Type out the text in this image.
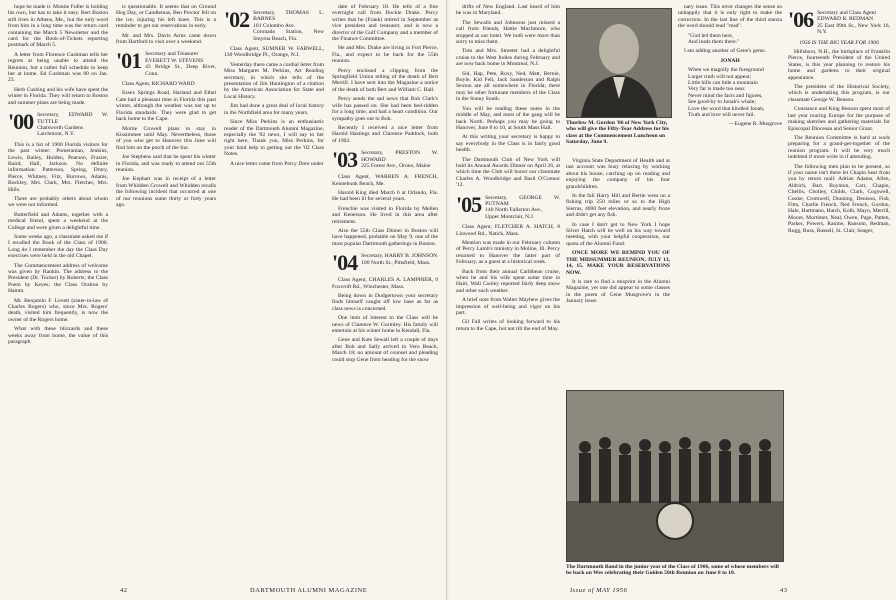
hope he made it. Montie Fuller is holding his own, but has to take it easy. Bert Boston still lives in Athens, Me., but the only word from him in a long time was the return card containing the March 5 Newsletter and the card for the Book-of-Tickets reporting postmark of March 5.

A letter from Florence Cushman tells her regrets at being unable to attend the Reunion, but a rather full schedule to keep her at home. Ed Cushman was 80 on Jan. 23.

Herb Cushing and his wife have spent the winter in Florida. They will return to Boston and summer plans are being made.

'00 Secretary, EDWARD W. TUTTLE
Chatsworth Gardens
Larchmont, N.Y.

This is a list of 1900 Florida visitors for the past winter: Pomeranian, Jenkins, Lewis, Bailey, Holden, Pearson, Frazier, Baird, Hall, Jackson. No definite information: Patterson, Spring, Drury, Pierce, Whitney, Fitz, Burrows, Adams, Bockley, Mrs. Clark, Mrs. Fletcher, Mrs. Hills.

There are probably others about whom we were not informed.

Butterfield and Adams, together with a medical friend, spent a weekend at the College and were given a delightful time.

Some weeks ago, a classmate asked me if I recalled the Book of the Class of 1900. Long do I remember the day the Class Day exercises were held in the old Chapel.

The Commencement address of welcome was given by Rankin. The address to the President (Dr. Tucker) by Roberts; the Class Poem by Keyes; the Class Oration by Hamm.

Mr. Benjamin F. Lovett (sister-in-law of Charles Rogers) who, since Mrs. Rogers' death, visited him frequently, is now the owner of the Rogers home.

What with these blizzards and these weeks away from home, the value of this paragraph

is questionable. It seems that on Ground Hog Day, or Candlemas, Ben Proctor fell on the ice, injuring his left knee. This is a reminder to get our reservations in early.

Mr. and Mrs. Davis Arms came down from Hartford to visit over a weekend.

'01 Secretary and Treasurer
EVERETT W. STEVENS
43 Bridge St., Deep River, Conn.

Class Agent, RICHARD WARD

Essex Springs Road, Harland and Ethel Cate had a pleasant time in Florida this past winter, although the weather was not up to Florida standards. They were glad to get back home to the Cape.

Mortie Crowell plans to stay in Kissimmee until May. Nevertheless, those of you who get to Hanover this June will find him on the porch of the Inn.

Joe Stephens said that he spent his winter in Florida, and was ready to attend our 55th reunion.

Joe Kephart was in receipt of a letter from Whidden Crowell and Whidden recalls the following incident that occurred at one of our reunions some thirty or forty years ago.

'02 Secretary, THOMAS L. BARNES
101 Colombo Ave.
Coronado Station, New Smyrna Beach, Fla.

Class Agent, SUMNER W. FARWELL, 130 Woodbridge Pl., Orange, N.J.

Yesterday there came a cordial letter from Miss Margaret M. Perkins, Art Reading secretary, in which she tells of the presentation of Jim Huntington of a citation by the American Association for State and Local History.

Jim had done a great deal of local history in the Northfield area for many years.

Since Miss Perkins is an enthusiastic reader of the Dartmouth Alumni Magazine, especially the '02 news, I will say to her right here, Thank you, Miss Perkins, for your kind help in getting out the '02 Class Notes.

A nice letter came from Percy Dore under

date of February 18. He tells of a fine overnight call from Dockie Drake. Percy writes that he (Frank) retired in September as vice president and treasurer, and is now a director of the Gulf Company and a member of the Finance Committee.

He and Mrs. Drake are living in Fort Pierce, Fla., and expect to be back for the 55th reunion.

Percy enclosed a clipping from the Springfield Union telling of the death of Bert Merrill. I have sent into the Magazine a notice of the death of both Bert and William C. Hall.

Percy sends the sad news that Bob Clark's wife has passed on. She had been bed-ridden for a long time, and had a heart condition. Our sympathy goes out to Bob.

Recently I received a nice letter from Harold Hastings and Clarence Paddock, both of 1902.

'03 Secretary, PRESTON W. HOWARD
225 Forest Ave., Orono, Maine

Class Agent, WARREN A. FRENCH, Kennebunk Beach, Me.

Harold King died March 6 at Orlando, Fla. He had been ill for several years.

Frenchie was visited in Florida by Mellen and Kenerson. He lived in this area after retirement.

Also the 55th Class Dinner in Boston will have happened, probable on May 9, one of the most popular Dartmouth gatherings in Boston.

'04 Secretary, HARRY B. JOHNSON
100 North St., Pittsfield, Mass.

Class Agent, CHARLES A. LAMPHIER, 9 Foxcroft Rd., Winchester, Mass.

Being down in Dodgertown your secretary finds himself caught off low base as far as class news is concerned.

One item of interest to the Class will be news of Clarence W. Gormley. His family will entertain at his winter home in Kendall, Fla.

Gene and Kate Sewall left a couple of days after Bob and Sally arrived in Vero Beach, March 18; no amount of counsel and pleading could stop Gene from heading for the snow

42	DARTMOUTH ALUMNI MAGAZINE

drifts of New England. Last heard of him he was in Maryland.

The Sewalls and Johnsons just missed a call from friends, Hattie Muchmore, who stopped at our hotel. We both were more than sorry to miss them.

Tom and Mrs. Streeter had a delightful cruise to the West Indies during February and are now back home in Montreal, N.J.

Sid, Hap, Pete, Roxy, Ned, Matt, Bernie, Boyle, Kid Fell, Jack Sanderson and Ralph Sexton are all somewhere in Florida; there may be other fortunate members of the Class in the Sunny South.

You will be reading these notes in the middle of May, and most of the gang will be back North. Perhaps you may be going to Hanover, June 8 to 10, at South Mass Hall.

At this writing your secretary is happy to say everybody in the Class is in fairly good health.

The Dartmouth Club of New York will hold its Annual Awards Dinner on April 26, at which time the Club will honor our classmate Charles A. Woodbridge and Basil O'Connor '12.

'05 Secretary, GEORGE W. PUTNAM
140 North Fullerton Ave.,
Upper Montclair, N.J.

Class Agent, FLETCHER A. HATCH, 8 Linwood Rd., Natick, Mass.

Mention was made in our February column of Percy Lamb's ministry in Moline, Ill. Percy returned to Hanover the latter part of February, as a guest at a historical week.

Back from their annual Caribbean cruise, when he and his wife spent some time in Haiti, Wall Cooley reported fairly deep snow and other such weather.

A brief note from Walter Mayhew gives the impression of well-being and vigor on his part.

Gil Fall writes of looking forward to his return to the Cape, but not till the end of May.

Thurlow M. Gordon '06 of New York City, who will give the Fifty-Year Address for his class at the Commencement Luncheon on Saturday, June 9.

Virginia State Department of Health and at last account was busy relaxing by working about his house, catching up on reading and enjoying the company of his four grandchildren.

In the fall Harry Hill and Bertie went on a fishing trip 250 miles or so to the High Sierras, 4000 feet elevation, and nearly froze and didn't get any fish.

In case I don't get to New York I hope Silver Hatch will be well on his way toward meeting, with your helpful cooperation, our quota of the Alumni Fund.

ONCE MORE WE REMIND YOU OF THE MIDSUMMER REUNION, JULY 13, 14, 15. MAKE YOUR RESERVATIONS NOW.

It is rare to find a misprint in the Alumni Magazine, yet one did appear to some classes in the poem of Gene Musgrove's in the January issue.

The Dartmouth Band in the junior year of the Class of 1906, some of whose members will be back on Wes celebrating their Golden 50th Reunion on June 8 to 10.

nary issue. This error changes the sense so unhappily that it is only right to make the correction. In the last line of the third stanza the word should read "read".

"God led them here,
And leads them there."

I am adding another of Gene's gems.

JONAH
When we magnify the foreground
Larger truth will not appear;
Little hills can hide a mountain
Very far is made too near.
Never mind the facts and figures,
See good-by to Jonah's whale;
Love the word that kindled Jonah,
Truth and love will never fail.
—Eugene R. Musgrove
'06 Secretary and Class Agent
EDWARD R. REDMAN
25 East 89th St., New York 16, N.Y.

1956 IS THE BIG YEAR FOR 1906

Hillsboro, N.H., the birthplace of Franklin Pierce, fourteenth President of the United States, is this year planning to restore his home and gardens to their original appearance.

The president of the Historical Society, which is undertaking this program, is our classmate George W. Benson.

Constance and King Benson spent most of last year touring Europe for the purpose of making sketches and gathering materials for Episcopal Diocesan and Senior Grant.

The Reunion Committee is hard at work preparing for a grand-get-together of the reunion program. It will be very much indebted if more write in if attending.

The following men plan to be present, so if your name isn't there let Chapin hear from you by return mail: Adrian Adams, Allen, Aldrich, Barr, Boynton, Carr, Chapin, Chellis, Cholley, Childs, Clark, Cogswell, Cooke, Cromwell, Dunning, Denison, Fish, Fitts, Charlie French, Ned French, Gordon, Hale, Hartmann, Hatch, Kolb, Mayo, Merrill, Moore, Mortimer, Neal, Owen, Page, Patten, Parker, Powers, Ranine, Ransom, Redman, Rugg, Russ, Russell, St. Clair, Seager,

Issue of MAY 1956	43
